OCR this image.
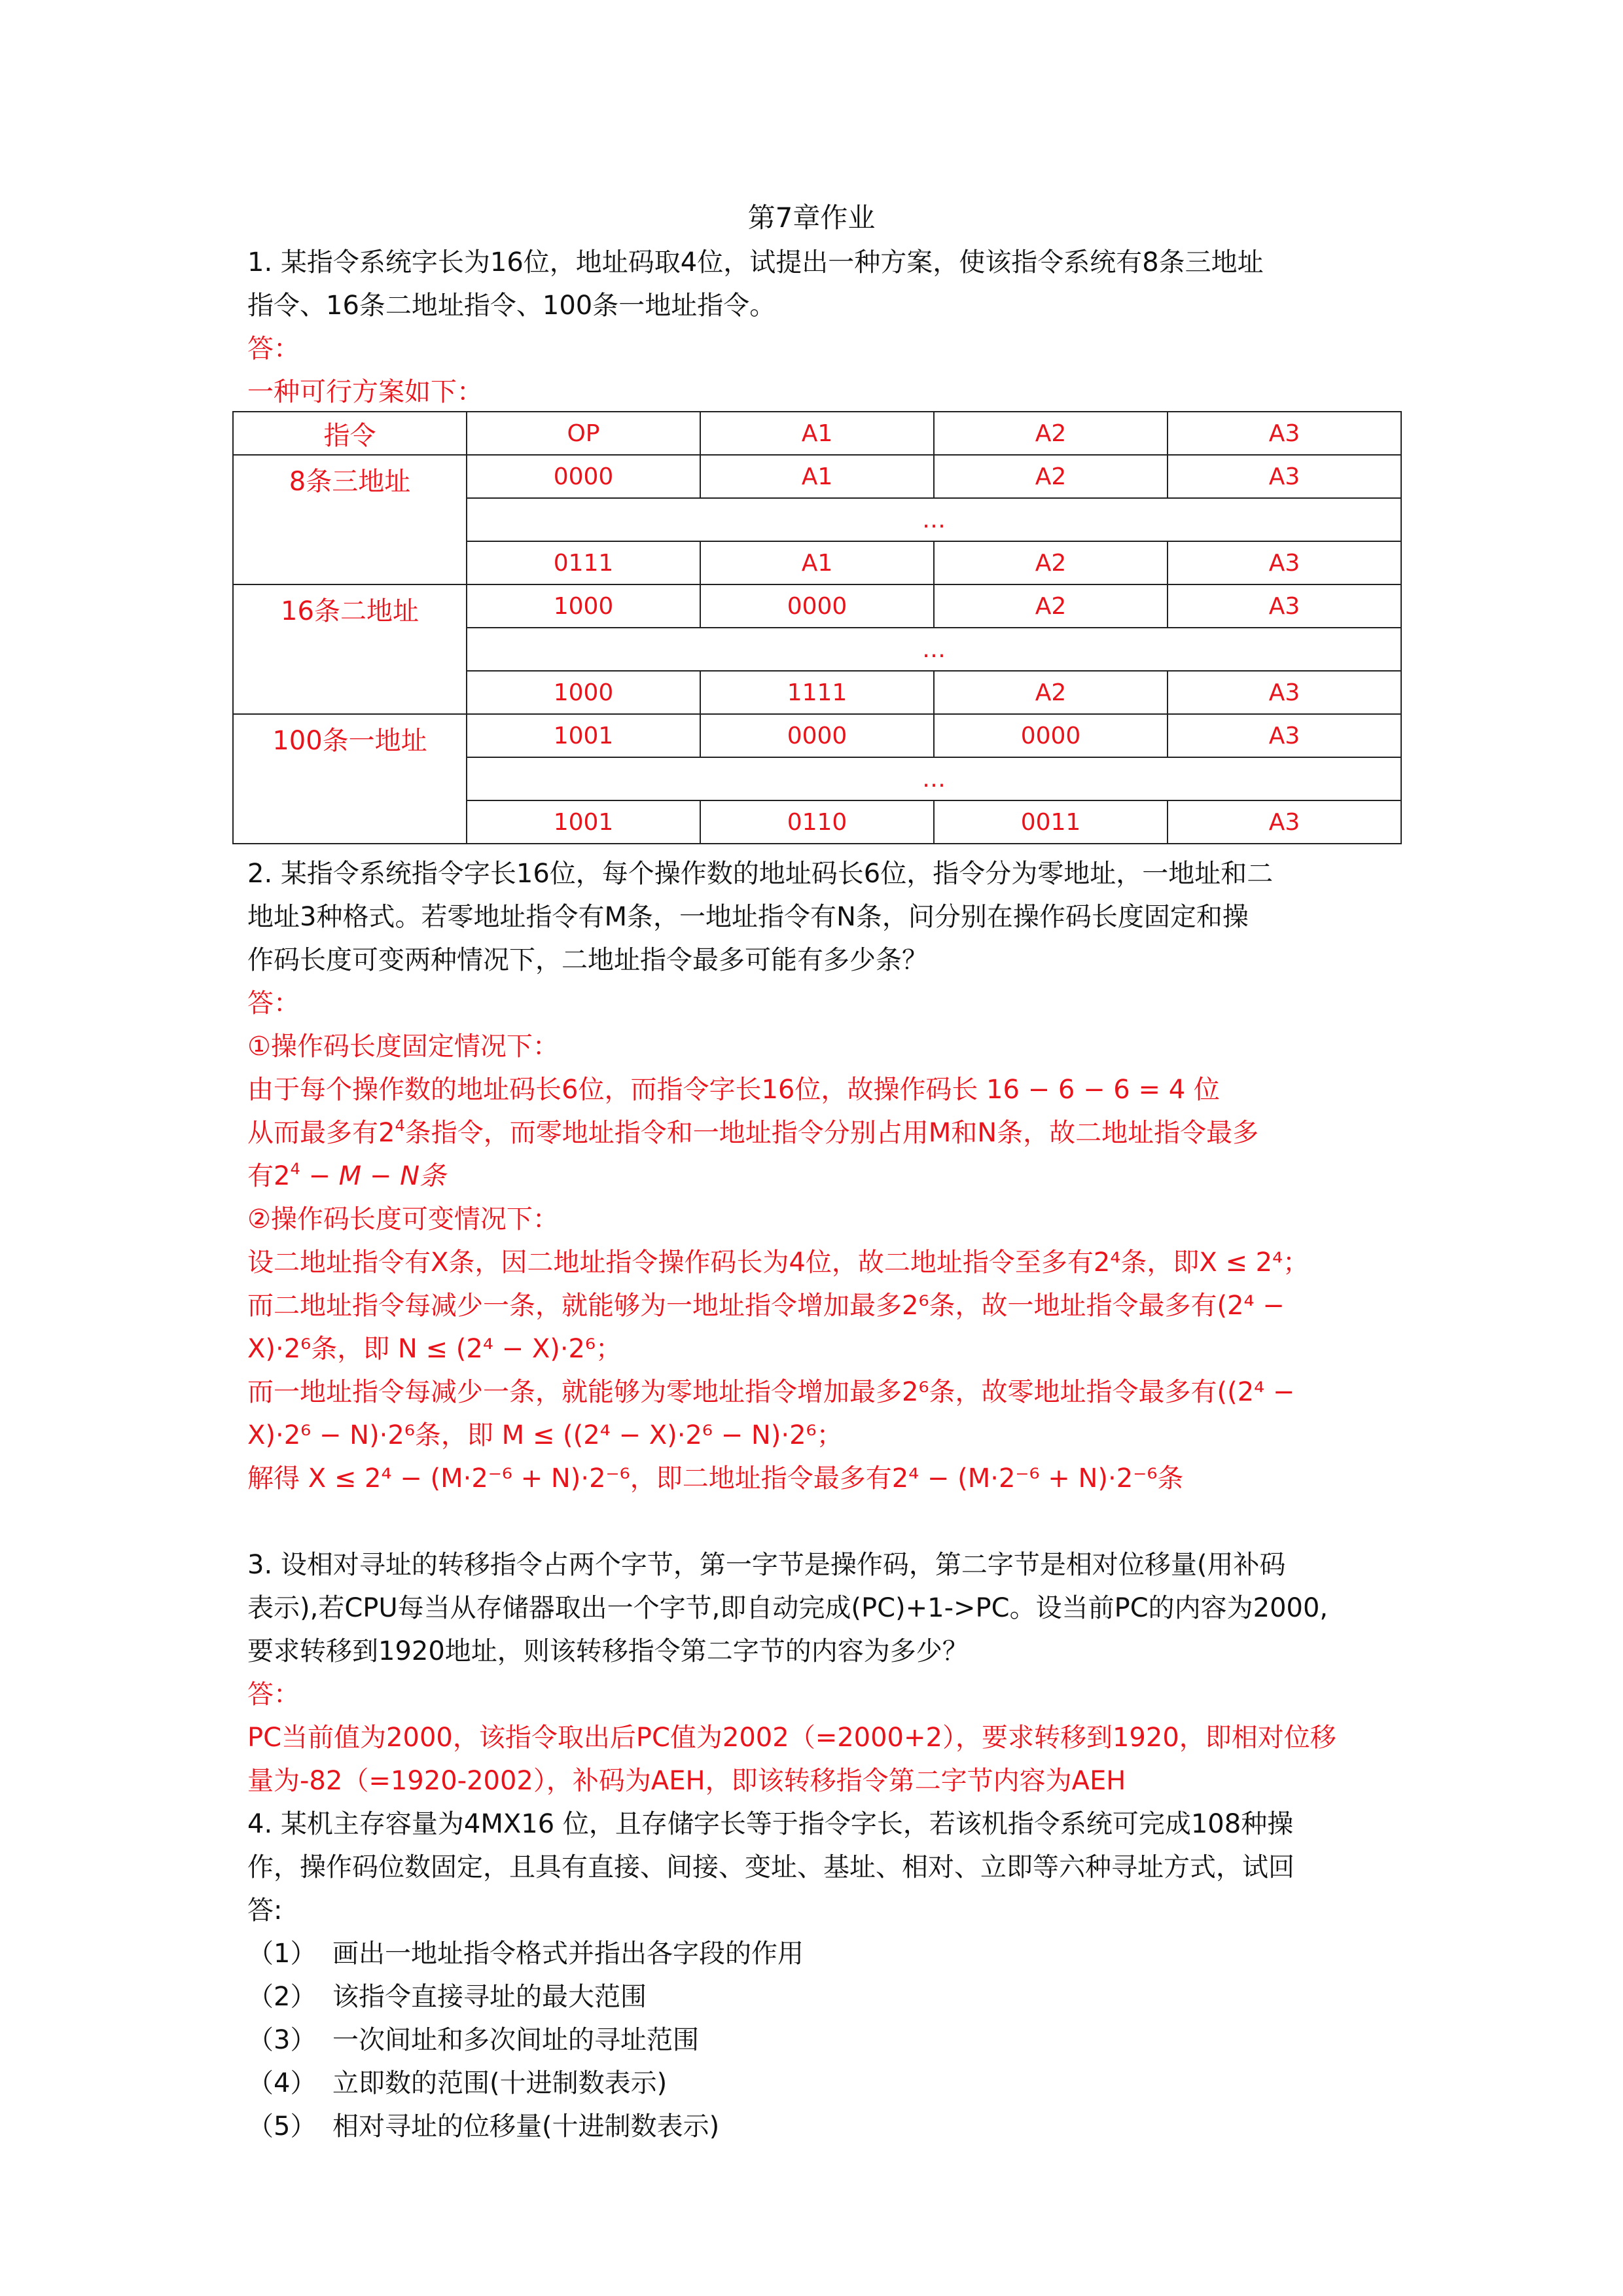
第7章作业
1. 某指令系统字长为16位，地址码取4位，试提出一种方案，使该指令系统有8条三地址
指令、16条二地址指令、100条一地址指令。
答：
一种可行方案如下：
指令	OP	A1	A2	A3
8条三地址	0000	A1	A2	A3
	…			
	0111	A1	A2	A3
16条二地址	1000	0000	A2	A3
	…			
	1000	1111	A2	A3
100条一地址	1001	0000	0000	A3
	…			
	1001	0110	0011	A3
2. 某指令系统指令字长16位，每个操作数的地址码长6位，指令分为零地址，一地址和二
地址3种格式。若零地址指令有M条，一地址指令有N条，问分别在操作码长度固定和操
作码长度可变两种情况下，二地址指令最多可能有多少条？
答：
①操作码长度固定情况下：
由于每个操作数的地址码长6位，而指令字长16位，故操作码长 16 − 6 − 6 = 4 位
从而最多有$2^4$条指令，而零地址指令和一地址指令分别占用M和N条，故二地址指令最多
有$2^4 - M - N$条
②操作码长度可变情况下：
设二地址指令有X条，因二地址指令操作码长为4位，故二地址指令至多有2⁴条，即X ≤ 2⁴；
而二地址指令每减少一条，就能够为一地址指令增加最多2⁶条，故一地址指令最多有(2⁴ −
X)·2⁶条，即 N ≤ (2⁴ − X)·2⁶；
而一地址指令每减少一条，就能够为零地址指令增加最多2⁶条，故零地址指令最多有((2⁴ −
X)·2⁶ − N)·2⁶条，即 M ≤ ((2⁴ − X)·2⁶ − N)·2⁶；
解得 X ≤ 2⁴ − (M·2⁻⁶ + N)·2⁻⁶，即二地址指令最多有2⁴ − (M·2⁻⁶ + N)·2⁻⁶条
3. 设相对寻址的转移指令占两个字节，第一字节是操作码，第二字节是相对位移量(用补码
表示),若CPU每当从存储器取出一个字节,即自动完成(PC)+1->PC。设当前PC的内容为2000,
要求转移到1920地址，则该转移指令第二字节的内容为多少？
答：
PC当前值为2000，该指令取出后PC值为2002（=2000+2），要求转移到1920，即相对位移
量为-82（=1920-2002），补码为AEH，即该转移指令第二字节内容为AEH
4. 某机主存容量为4MX16 位，且存储字长等于指令字长，若该机指令系统可完成108种操
作，操作码位数固定，且具有直接、间接、变址、基址、相对、立即等六种寻址方式，试回
答:
（1） 画出一地址指令格式并指出各字段的作用
（2） 该指令直接寻址的最大范围
（3） 一次间址和多次间址的寻址范围
（4） 立即数的范围(十进制数表示)
（5） 相对寻址的位移量(十进制数表示)
